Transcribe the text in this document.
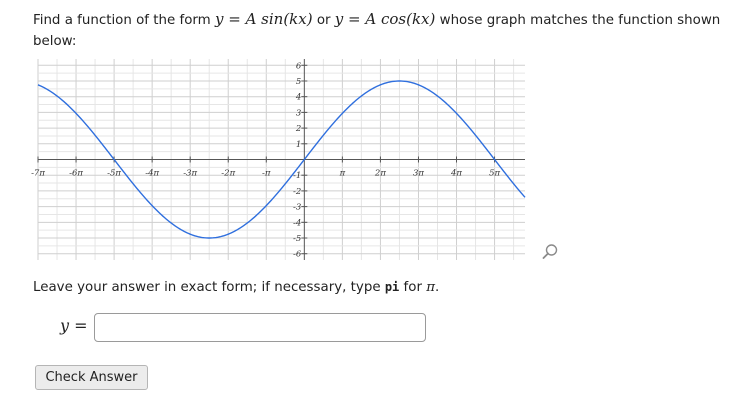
Find a function of the form y = A sin(kx) or y = A cos(kx) whose graph matches the function shown below:
-7π	-6π	-5π	-4π	-3π	-2π	-π	π	2π	3π	4π	5π
6
5
4
3
2
1
-1
-2
-3
-4
-5
-6
Leave your answer in exact form; if necessary, type pi for π.
y =
Check Answer
